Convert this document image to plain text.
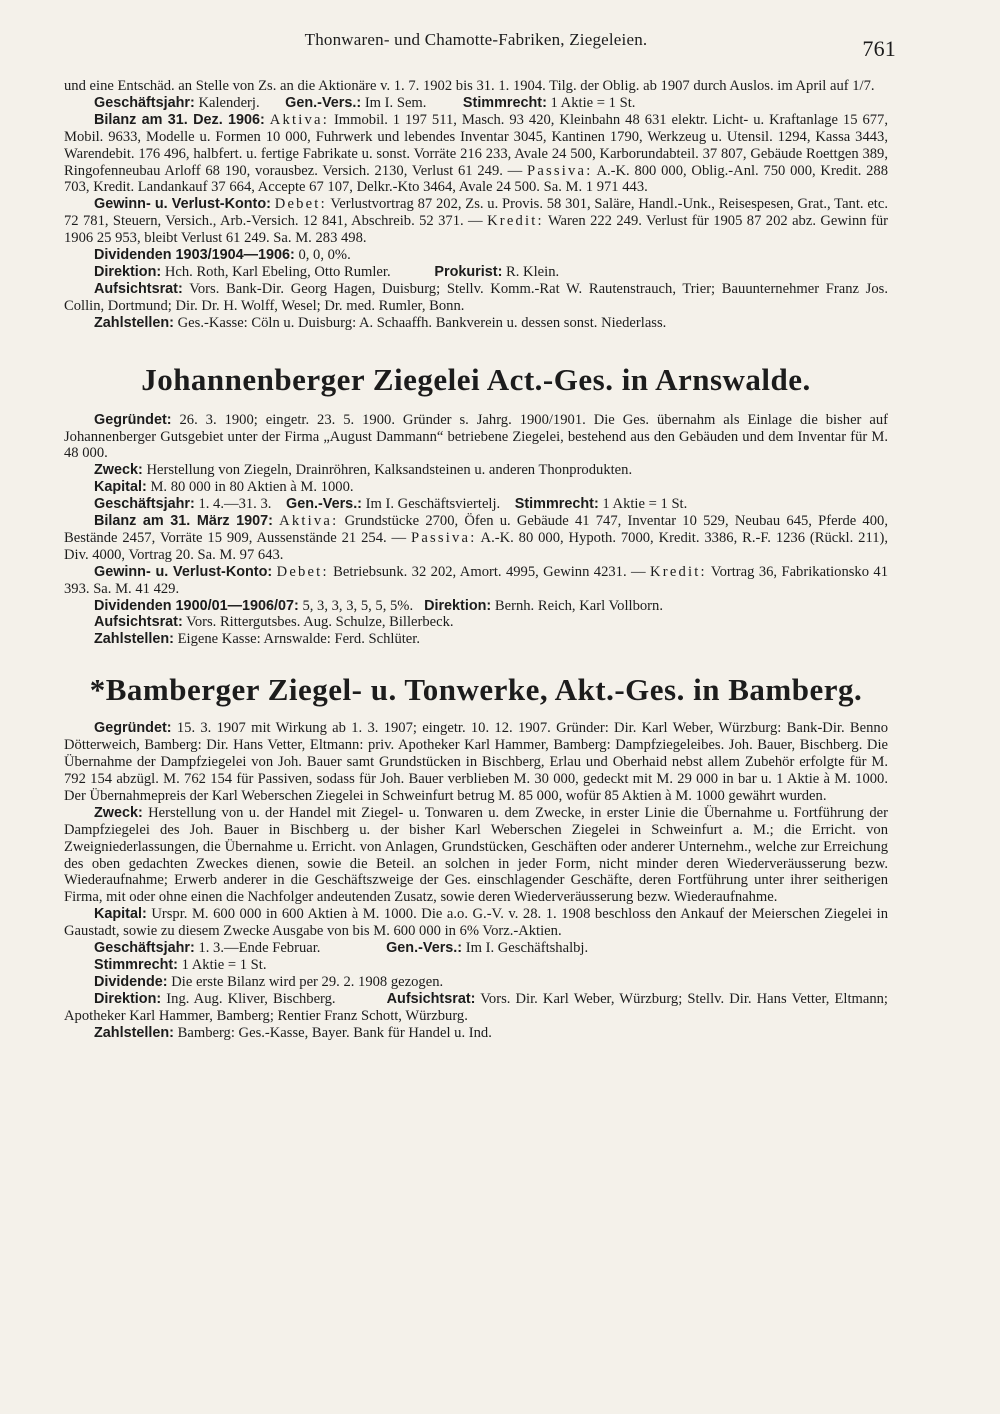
Thonwaren- und Chamotte-Fabriken, Ziegeleien.	761

und eine Entschäd. an Stelle von Zs. an die Aktionäre v. 1. 7. 1902 bis 31. 1. 1904. Tilg. der Oblig. ab 1907 durch Auslos. im April auf 1/7.

Geschäftsjahr: Kalenderj. Gen.-Vers.: Im I. Sem.	Stimmrecht: 1 Aktie = 1 St.

Bilanz am 31. Dez. 1906: Aktiva: Immobil. 1 197 511, Masch. 93 420, Kleinbahn 48 631 elektr. Licht- u. Kraftanlage 15 677, Mobil. 9633, Modelle u. Formen 10 000, Fuhrwerk und lebendes Inventar 3045, Kantinen 1790, Werkzeug u. Utensil. 1294, Kassa 3443, Warendebit. 176 496, halbfert. u. fertige Fabrikate u. sonst. Vorräte 216 233, Avale 24 500, Karborundabteil. 37 807, Gebäude Roettgen 389, Ringofenneubau Arloff 68 190, vorausbez. Versich. 2130, Verlust 61 249. — Passiva: A.-K. 800 000, Oblig.-Anl. 750 000, Kredit. 288 703, Kredit. Landankauf 37 664, Accepte 67 107, Delkr.-Kto 3464, Avale 24 500. Sa. M. 1 971 443.

Gewinn- u. Verlust-Konto: Debet: Verlustvortrag 87 202, Zs. u. Provis. 58 301, Saläre, Handl.-Unk., Reisespesen, Grat., Tant. etc. 72 781, Steuern, Versich., Arb.-Versich. 12 841, Abschreib. 52 371. — Kredit: Waren 222 249. Verlust für 1905 87 202 abz. Gewinn für 1906 25 953, bleibt Verlust 61 249. Sa. M. 283 498.

Dividenden 1903/1904—1906: 0, 0, 0%.

Direktion: Hch. Roth, Karl Ebeling, Otto Rumler.	Prokurist: R. Klein.

Aufsichtsrat: Vors. Bank-Dir. Georg Hagen, Duisburg; Stellv. Komm.-Rat W. Rautenstrauch, Trier; Bauunternehmer Franz Jos. Collin, Dortmund; Dir. Dr. H. Wolff, Wesel; Dr. med. Rumler, Bonn.

Zahlstellen: Ges.-Kasse: Cöln u. Duisburg: A. Schaaffh. Bankverein u. dessen sonst. Niederlass.

Johannenberger Ziegelei Act.-Ges. in Arnswalde.

Gegründet: 26. 3. 1900; eingetr. 23. 5. 1900. Gründer s. Jahrg. 1900/1901. Die Ges. übernahm als Einlage die bisher auf Johannenberger Gutsgebiet unter der Firma „August Dammann“ betriebene Ziegelei, bestehend aus den Gebäuden und dem Inventar für M. 48 000.

Zweck: Herstellung von Ziegeln, Drainröhren, Kalksandsteinen u. anderen Thonprodukten.

Kapital: M. 80 000 in 80 Aktien à M. 1000.

Geschäftsjahr: 1. 4.—31. 3. Gen.-Vers.: Im I. Geschäftsviertelj. Stimmrecht: 1 Aktie = 1 St.

Bilanz am 31. März 1907: Aktiva: Grundstücke 2700, Öfen u. Gebäude 41 747, Inventar 10 529, Neubau 645, Pferde 400, Bestände 2457, Vorräte 15 909, Aussenstände 21 254. — Passiva: A.-K. 80 000, Hypoth. 7000, Kredit. 3386, R.-F. 1236 (Rückl. 211), Div. 4000, Vortrag 20. Sa. M. 97 643.

Gewinn- u. Verlust-Konto: Debet: Betriebsunk. 32 202, Amort. 4995, Gewinn 4231. — Kredit: Vortrag 36, Fabrikationsko 41 393. Sa. M. 41 429.

Dividenden 1900/01—1906/07: 5, 3, 3, 3, 5, 5, 5%. Direktion: Bernh. Reich, Karl Vollborn.

Aufsichtsrat: Vors. Rittergutsbes. Aug. Schulze, Billerbeck.

Zahlstellen: Eigene Kasse: Arnswalde: Ferd. Schlüter.

*Bamberger Ziegel- u. Tonwerke, Akt.-Ges. in Bamberg.

Gegründet: 15. 3. 1907 mit Wirkung ab 1. 3. 1907; eingetr. 10. 12. 1907. Gründer: Dir. Karl Weber, Würzburg: Bank-Dir. Benno Dötterweich, Bamberg: Dir. Hans Vetter, Eltmann: priv. Apotheker Karl Hammer, Bamberg: Dampfziegeleibes. Joh. Bauer, Bischberg. Die Übernahme der Dampfziegelei von Joh. Bauer samt Grundstücken in Bischberg, Erlau und Oberhaid nebst allem Zubehör erfolgte für M. 792 154 abzügl. M. 762 154 für Passiven, sodass für Joh. Bauer verblieben M. 30 000, gedeckt mit M. 29 000 in bar u. 1 Aktie à M. 1000. Der Übernahmepreis der Karl Weberschen Ziegelei in Schweinfurt betrug M. 85 000, wofür 85 Aktien à M. 1000 gewährt wurden.

Zweck: Herstellung von u. der Handel mit Ziegel- u. Tonwaren u. dem Zwecke, in erster Linie die Übernahme u. Fortführung der Dampfziegelei des Joh. Bauer in Bischberg u. der bisher Karl Weberschen Ziegelei in Schweinfurt a. M.; die Erricht. von Zweigniederlassungen, die Übernahme u. Erricht. von Anlagen, Grundstücken, Geschäften oder anderer Unternehm., welche zur Erreichung des oben gedachten Zweckes dienen, sowie die Beteil. an solchen in jeder Form, nicht minder deren Wiederveräusserung bezw. Wiederaufnahme; Erwerb anderer in die Geschäftszweige der Ges. einschlagender Geschäfte, deren Fortführung unter ihrer seitherigen Firma, mit oder ohne einen die Nachfolger andeutenden Zusatz, sowie deren Wiederveräusserung bezw. Wiederaufnahme.

Kapital: Urspr. M. 600 000 in 600 Aktien à M. 1000. Die a.o. G.-V. v. 28. 1. 1908 beschloss den Ankauf der Meierschen Ziegelei in Gaustadt, sowie zu diesem Zwecke Ausgabe von bis M. 600 000 in 6% Vorz.-Aktien.

Geschäftsjahr: 1. 3.—Ende Februar.	Gen.-Vers.: Im I. Geschäftshalbj.

Stimmrecht: 1 Aktie = 1 St.

Dividende: Die erste Bilanz wird per 29. 2. 1908 gezogen.

Direktion: Ing. Aug. Kliver, Bischberg.	Aufsichtsrat: Vors. Dir. Karl Weber, Würzburg; Stellv. Dir. Hans Vetter, Eltmann; Apotheker Karl Hammer, Bamberg; Rentier Franz Schott, Würzburg.

Zahlstellen: Bamberg: Ges.-Kasse, Bayer. Bank für Handel u. Ind.
